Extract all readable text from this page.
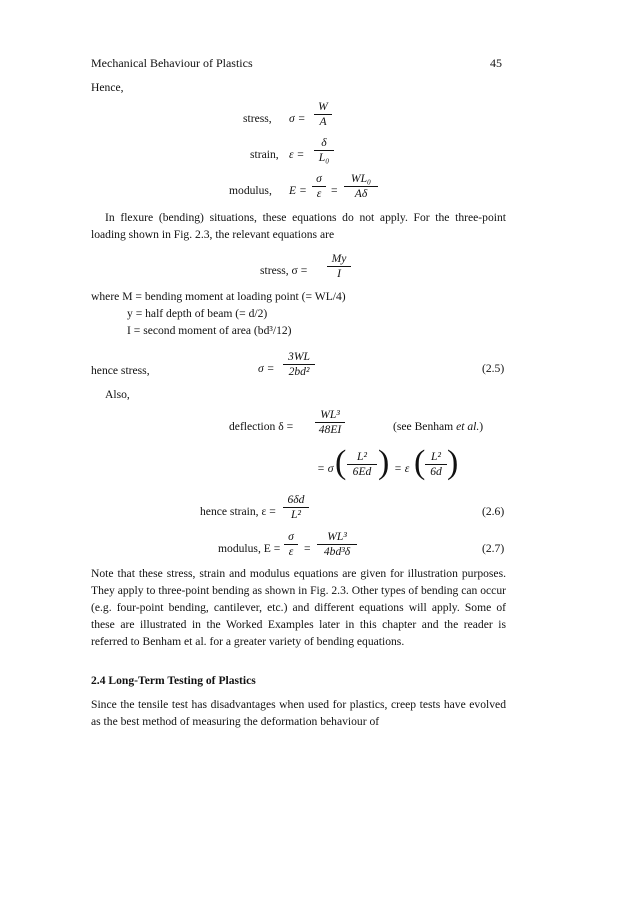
Mechanical Behaviour of Plastics	45
Hence,
stress, $\sigma = \frac{W}{A}$
strain, $\varepsilon = \frac{\delta}{\text{L₀}}$
modulus, $E = \frac{\sigma}{\varepsilon} = \frac{\text{WL₀}}{A\delta}$
In flexure (bending) situations, these equations do not apply. For the three-point loading shown in Fig. 2.3, the relevant equations are
stress, $\sigma = \frac{My}{I}$
where M = bending moment at loading point (= WL/4)
y = half depth of beam (= d/2)
I = second moment of area (bd³/12)
hence stress,	$\sigma = \frac{3WL}{\text{2bd²}}$	(2.5)
Also,
deflection $\delta = \frac{\text{WL³}}{48EI}$	(see Benham et al.)
= σ ( $\frac{\text{L²}}{6Ed}$ ) = ε ( $\frac{\text{L²}}{6d}$ )
hence strain, $\varepsilon = \frac{6\delta d}{\text{L²}}$	(2.6)
modulus, $E = \frac{\sigma}{\varepsilon} = \frac{\text{WL³}}{\text{4bd³δ}}$	(2.7)
Note that these stress, strain and modulus equations are given for illustration purposes. They apply to three-point bending as shown in Fig. 2.3. Other types of bending can occur (e.g. four-point bending, cantilever, etc.) and different equations will apply. Some of these are illustrated in the Worked Examples later in this chapter and the reader is referred to Benham et al. for a greater variety of bending equations.
2.4 Long-Term Testing of Plastics
Since the tensile test has disadvantages when used for plastics, creep tests have evolved as the best method of measuring the deformation behaviour of
